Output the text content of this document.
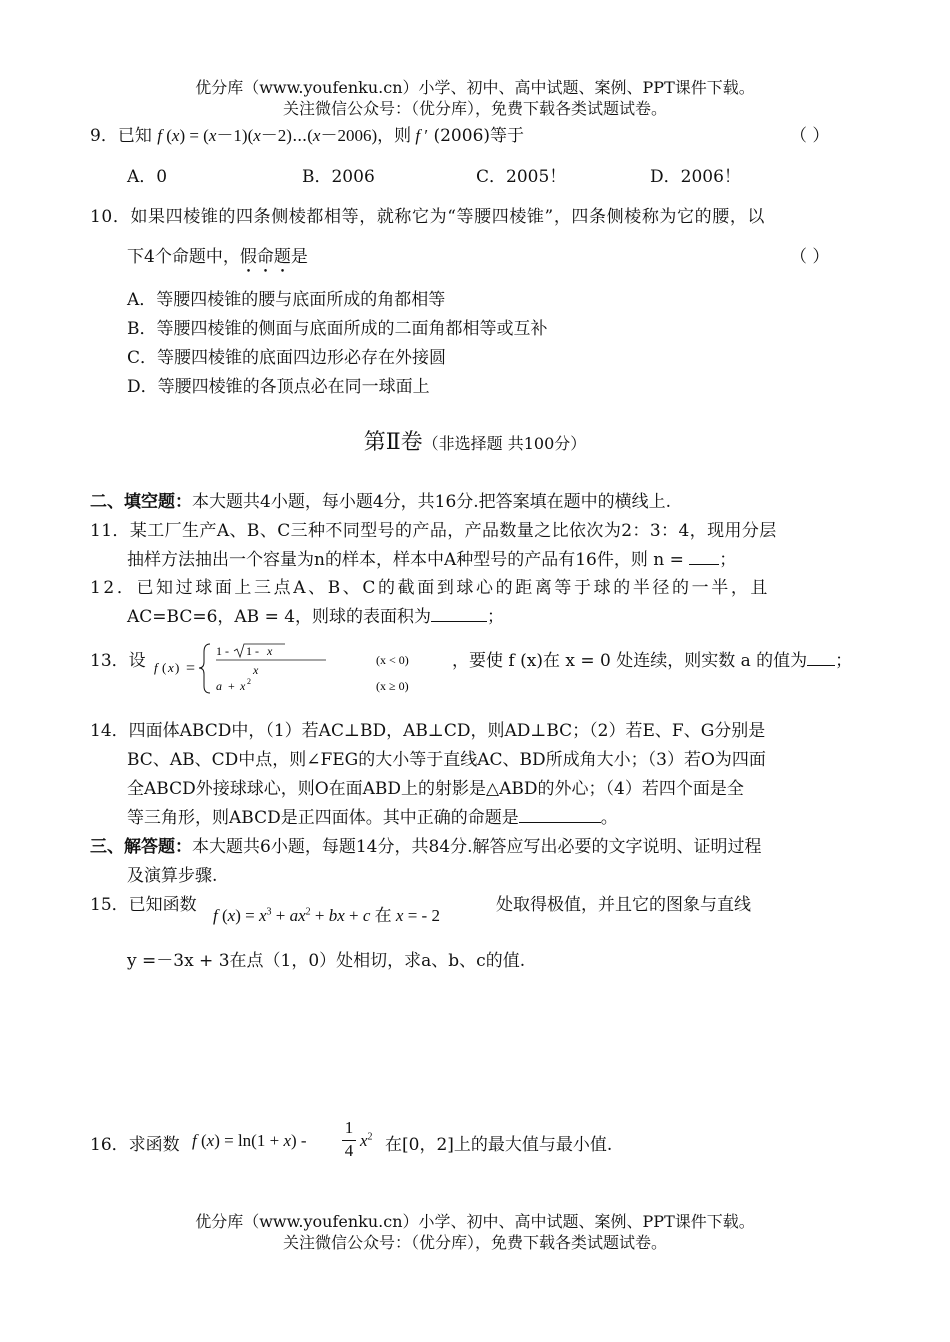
优分库（www.youfenku.cn）小学、初中、高中试题、案例、PPT课件下载。
关注微信公众号：（优分库），免费下载各类试题试卷。
9．已知 f (x) = (x－1)(x－2)⋯(x－2006)，则 f ′ (2006)等于	（ ）
A．0	B．2006	C．2005！	D．2006！
10．如果四棱锥的四条侧棱都相等，就称它为“等腰四棱锥”，四条侧棱称为它的腰，以
下4个命题中，假命题是	（ ）
A．等腰四棱锥的腰与底面所成的角都相等
B．等腰四棱锥的侧面与底面所成的二面角都相等或互补
C．等腰四棱锥的底面四边形必存在外接圆
D．等腰四棱锥的各顶点必在同一球面上
第Ⅱ卷（非选择题 共100分）
二、填空题：本大题共4小题，每小题4分，共16分.把答案填在题中的横线上.
11．某工厂生产A、B、C三种不同型号的产品，产品数量之比依次为2：3：4，现用分层
抽样方法抽出一个容量为n的样本，样本中A种型号的产品有16件，则 n = ；
12．已知过球面上三点A、B、C的截面到球心的距离等于球的半径的一半，且
AC=BC=6，AB = 4，则球的表面积为	；
13．设 f ( x ) =
1 - 1 - x
x
a + x 2
(x < 0)
(x ≥ 0)
，要使 f (x)在 x = 0 处连续，则实数 a 的值为 ；
14．四面体ABCD中，（1）若AC⊥BD，AB⊥CD，则AD⊥BC；（2）若E、F、G分别是
BC、AB、CD中点，则∠FEG的大小等于直线AC、BD所成角大小；（3）若O为四面
全ABCD外接球球心，则O在面ABD上的射影是△ABD的外心；（4）若四个面是全
等三角形，则ABCD是正四面体。其中正确的命题是	。
三、解答题：本大题共6小题，每题14分，共84分.解答应写出必要的文字说明、证明过程
及演算步骤.
15．已知函数
f $(x) = x^3 + ax^2$ + bx + c 在 x = - 2
处取得极值，并且它的图象与直线
y =－3x + 3在点（1，0）处相切，求a、b、c的值.
16．求函数 f (x) = ln(1 + x) -
1
4
$x^2$ 在[0，2]上的最大值与最小值.
优分库（www.youfenku.cn）小学、初中、高中试题、案例、PPT课件下载。
关注微信公众号：（优分库），免费下载各类试题试卷。
